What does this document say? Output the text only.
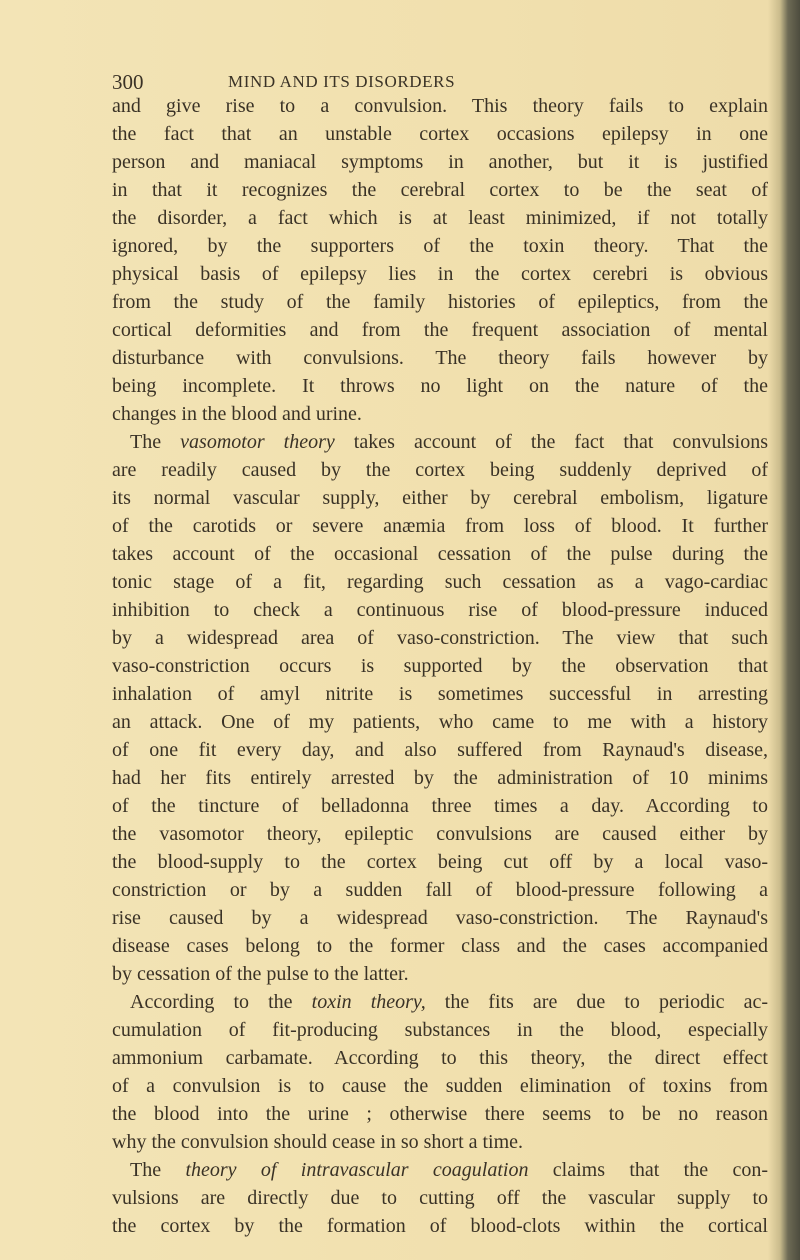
300	MIND AND ITS DISORDERS
and give rise to a convulsion. This theory fails to explain
the fact that an unstable cortex occasions epilepsy in one
person and maniacal symptoms in another, but it is justified
in that it recognizes the cerebral cortex to be the seat of
the disorder, a fact which is at least minimized, if not totally
ignored, by the supporters of the toxin theory. That the
physical basis of epilepsy lies in the cortex cerebri is obvious
from the study of the family histories of epileptics, from the
cortical deformities and from the frequent association of mental
disturbance with convulsions. The theory fails however by
being incomplete. It throws no light on the nature of the
changes in the blood and urine.
The vasomotor theory takes account of the fact that convulsions
are readily caused by the cortex being suddenly deprived of
its normal vascular supply, either by cerebral embolism, ligature
of the carotids or severe anæmia from loss of blood. It further
takes account of the occasional cessation of the pulse during the
tonic stage of a fit, regarding such cessation as a vago-cardiac
inhibition to check a continuous rise of blood-pressure induced
by a widespread area of vaso-constriction. The view that such
vaso-constriction occurs is supported by the observation that
inhalation of amyl nitrite is sometimes successful in arresting
an attack. One of my patients, who came to me with a history
of one fit every day, and also suffered from Raynaud's disease,
had her fits entirely arrested by the administration of 10 minims
of the tincture of belladonna three times a day. According to
the vasomotor theory, epileptic convulsions are caused either by
the blood-supply to the cortex being cut off by a local vaso-
constriction or by a sudden fall of blood-pressure following a
rise caused by a widespread vaso-constriction. The Raynaud's
disease cases belong to the former class and the cases accompanied
by cessation of the pulse to the latter.
According to the toxin theory, the fits are due to periodic ac-
cumulation of fit-producing substances in the blood, especially
ammonium carbamate. According to this theory, the direct effect
of a convulsion is to cause the sudden elimination of toxins from
the blood into the urine ; otherwise there seems to be no reason
why the convulsion should cease in so short a time.
The theory of intravascular coagulation claims that the con-
vulsions are directly due to cutting off the vascular supply to
the cortex by the formation of blood-clots within the cortical
